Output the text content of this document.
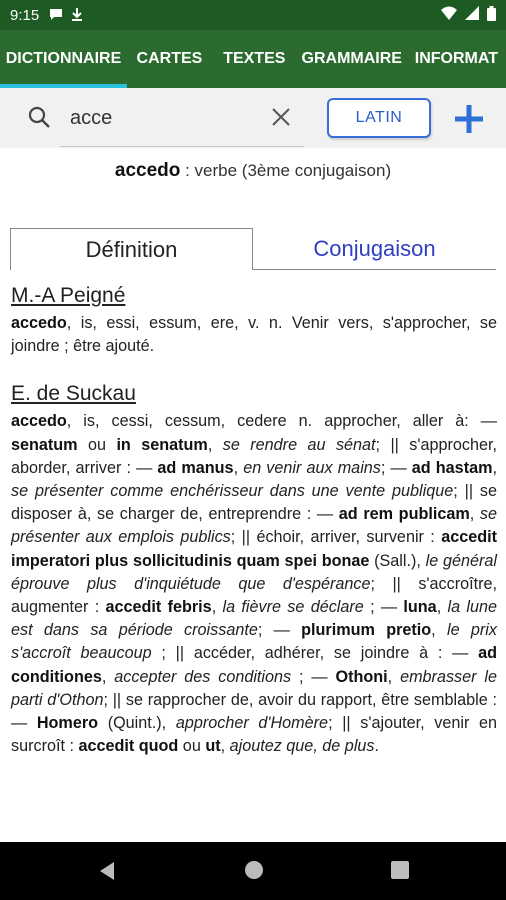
9:15
DICTIONNAIRE CARTES	TEXTES	GRAMMAIRE INFORMAT
acce
LATIN
accedo : verbe (3ème conjugaison)
Définition	Conjugaison
M.-A Peigné
accedo, is, essi, essum, ere, v. n. Venir vers, s'approcher, se joindre ; être ajouté.
E. de Suckau
accedo, is, cessi, cessum, cedere n. approcher, aller à: — senatum ou in senatum, se rendre au sénat; || s'approcher, aborder, arriver : — ad manus, en venir aux mains; — ad hastam, se présenter comme enchérisseur dans une vente publique; || se disposer à, se charger de, entreprendre : — ad rem publicam, se présenter aux emplois publics; || échoir, arriver, survenir : accedit imperatori plus sollicitudinis quam spei bonae (Sall.), le général éprouve plus d'inquiétude que d'espérance; || s'accroître, augmenter : accedit febris, la fièvre se déclare ; — luna, la lune est dans sa période croissante; — plurimum pretio, le prix s'accroît beaucoup ; || accéder, adhérer, se joindre à : — ad conditiones, accepter des conditions ; — Othoni, embrasser le parti d'Othon; || se rapprocher de, avoir du rapport, être semblable : — Homero (Quint.), approcher d'Homère; || s'ajouter, venir en surcroît : accedit quod ou ut, ajoutez que, de plus.
